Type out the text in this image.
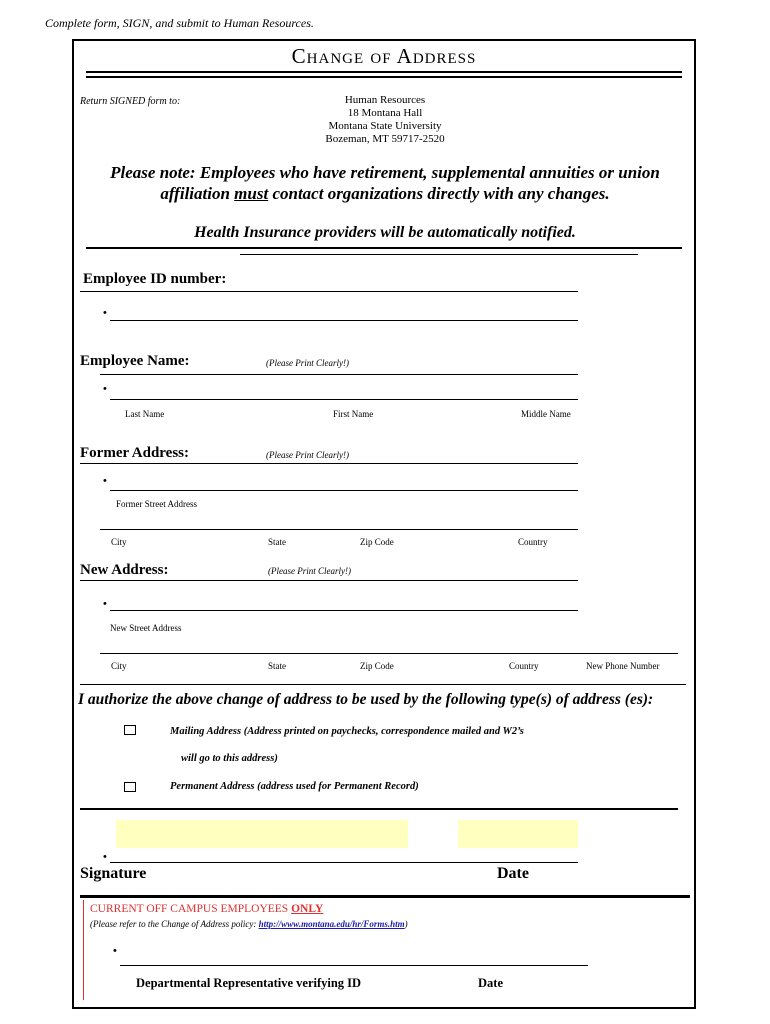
Complete form, SIGN, and submit to Human Resources.
Change of Address
Return SIGNED form to:	Human Resources
18 Montana Hall
Montana State University
Bozeman, MT 59717-2520
Please note: Employees who have retirement, supplemental annuities or union
affiliation must contact organizations directly with any changes.
Health Insurance providers will be automatically notified.
Employee ID number:
•
Employee Name:	(Please Print Clearly!)
•
Last Name	First Name	Middle Name
Former Address:	(Please Print Clearly!)
•
Former Street Address
City	State	Zip Code	Country
New Address:	(Please Print Clearly!)
•
New Street Address
City	State	Zip Code	Country	New Phone Number
I authorize the above change of address to be used by the following type(s) of address (es):
Mailing Address (Address printed on paychecks, correspondence mailed and W2’s
will go to this address)
Permanent Address (address used for Permanent Record)
•
Signature	Date
CURRENT OFF CAMPUS EMPLOYEES ONLY
(Please refer to the Change of Address policy: http://www.montana.edu/hr/Forms.htm)
•
Departmental Representative verifying ID	Date
